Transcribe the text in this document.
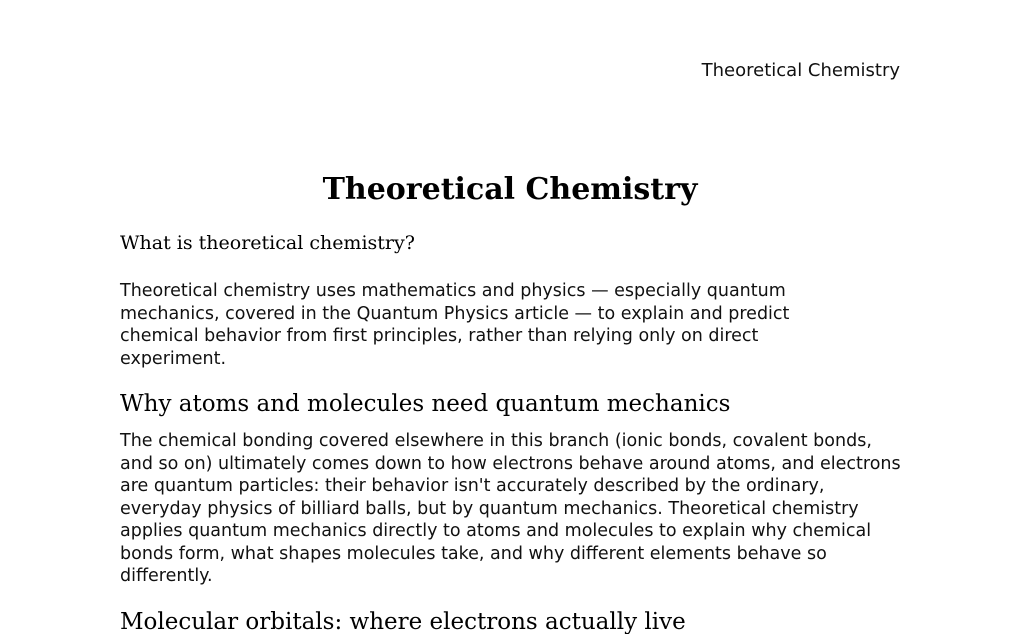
Theoretical Chemistry
Theoretical Chemistry
What is theoretical chemistry?

Theoretical chemistry uses mathematics and physics — especially quantum mechanics, covered in the Quantum Physics article — to explain and predict chemical behavior from first principles, rather than relying only on direct experiment.

Why atoms and molecules need quantum mechanics

The chemical bonding covered elsewhere in this branch (ionic bonds, covalent bonds, and so on) ultimately comes down to how electrons behave around atoms, and electrons are quantum particles: their behavior isn't accurately described by the ordinary, everyday physics of billiard balls, but by quantum mechanics. Theoretical chemistry applies quantum mechanics directly to atoms and molecules to explain why chemical bonds form, what shapes molecules take, and why different elements behave so differently.

Molecular orbitals: where electrons actually live
